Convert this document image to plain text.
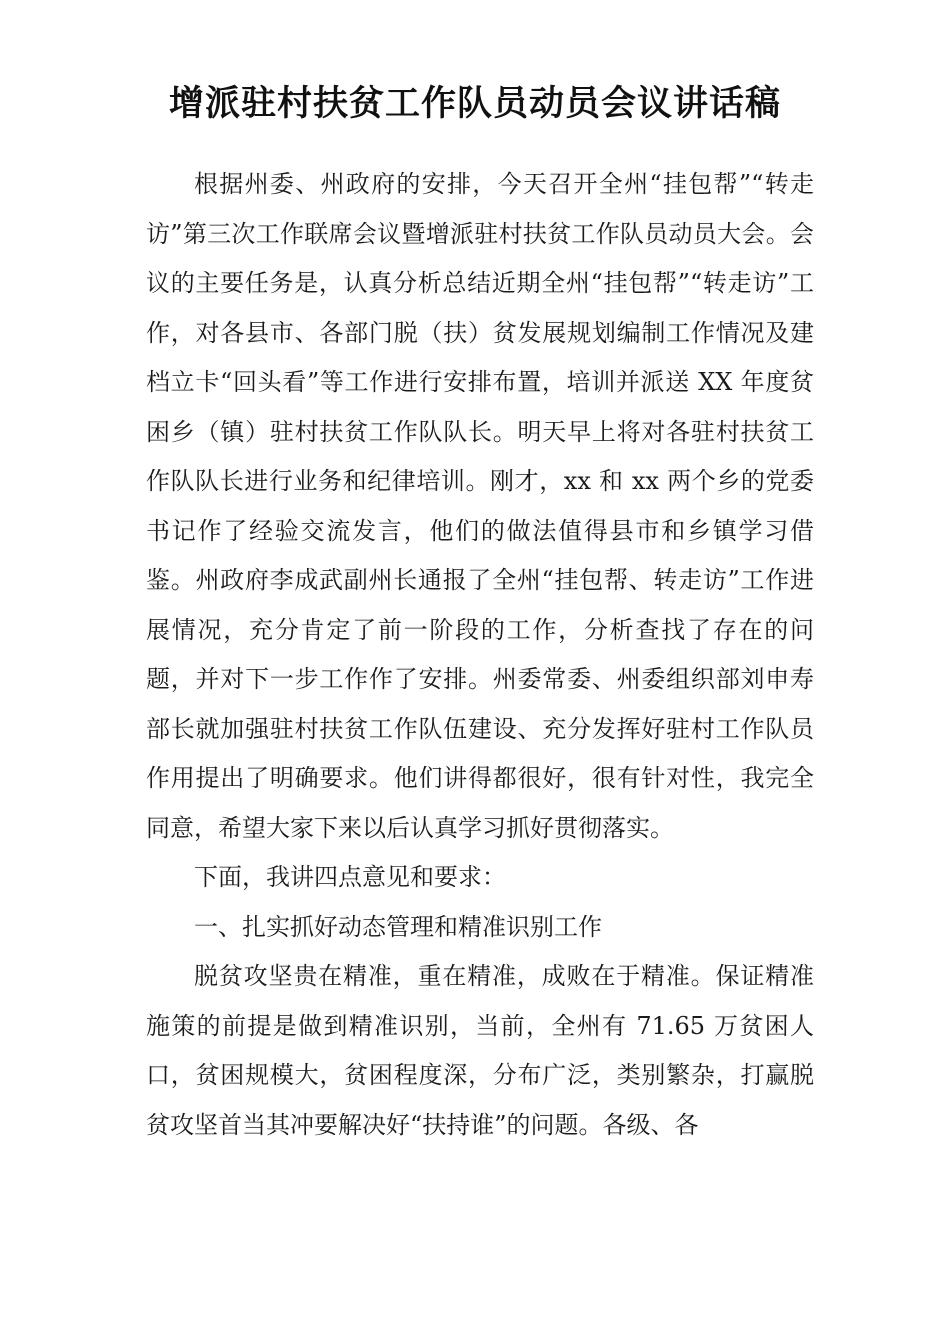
增派驻村扶贫工作队员动员会议讲话稿

根据州委、州政府的安排，今天召开全州“挂包帮”“转走访”第三次工作联席会议暨增派驻村扶贫工作队员动员大会。会议的主要任务是，认真分析总结近期全州“挂包帮”“转走访”工作，对各县市、各部门脱（扶）贫发展规划编制工作情况及建档立卡“回头看”等工作进行安排布置，培训并派送 XX 年度贫困乡（镇）驻村扶贫工作队队长。明天早上将对各驻村扶贫工作队队长进行业务和纪律培训。刚才，xx 和 xx 两个乡的党委书记作了经验交流发言，他们的做法值得县市和乡镇学习借鉴。州政府李成武副州长通报了全州“挂包帮、转走访”工作进展情况，充分肯定了前一阶段的工作，分析查找了存在的问题，并对下一步工作作了安排。州委常委、州委组织部刘申寿部长就加强驻村扶贫工作队伍建设、充分发挥好驻村工作队员作用提出了明确要求。他们讲得都很好，很有针对性，我完全同意，希望大家下来以后认真学习抓好贯彻落实。

下面，我讲四点意见和要求：

一、扎实抓好动态管理和精准识别工作

脱贫攻坚贵在精准，重在精准，成败在于精准。保证精准施策的前提是做到精准识别，当前，全州有 71.65 万贫困人口，贫困规模大，贫困程度深，分布广泛，类别繁杂，打赢脱贫攻坚首当其冲要解决好“扶持谁”的问题。各级、各
